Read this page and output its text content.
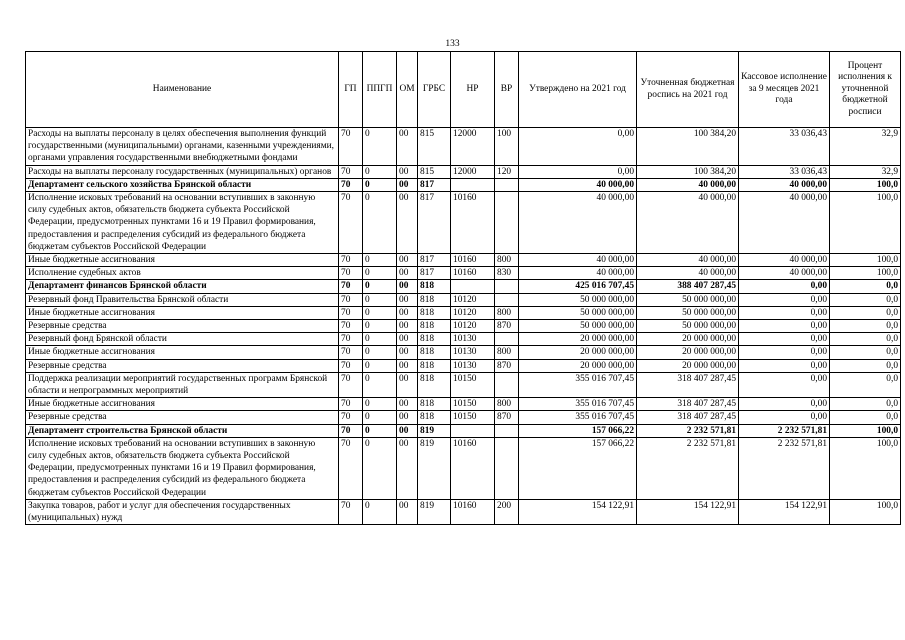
133
Наименование	ГП	ППГП	ОМ	ГРБС	НР	ВР	Утверждено на 2021 год	Уточненная бюджетная роспись на 2021 год	Кассовое исполнение за 9 месяцев 2021 года	Процент исполнения к уточненной бюджетной росписи
Расходы на выплаты персоналу в целях обеспечения выполнения функций государственными (муниципальными) органами, казенными учреждениями, органами управления государственными внебюджетными фондами	70	0	00	815	12000	100	0,00	100 384,20	33 036,43	32,9
Расходы на выплаты персоналу государственных (муниципальных) органов	70	0	00	815	12000	120	0,00	100 384,20	33 036,43	32,9
Департамент сельского хозяйства Брянской области	70	0	00	817			40 000,00	40 000,00	40 000,00	100,0
Исполнение исковых требований на основании вступивших в законную силу судебных актов, обязательств бюджета субъекта Российской Федерации, предусмотренных пунктами 16 и 19 Правил формирования, предоставления и распределения субсидий из федерального бюджета бюджетам субъектов Российской Федерации	70	0	00	817	10160		40 000,00	40 000,00	40 000,00	100,0
Иные бюджетные ассигнования	70	0	00	817	10160	800	40 000,00	40 000,00	40 000,00	100,0
Исполнение судебных актов	70	0	00	817	10160	830	40 000,00	40 000,00	40 000,00	100,0
Департамент финансов Брянской области	70	0	00	818			425 016 707,45	388 407 287,45	0,00	0,0
Резервный фонд Правительства Брянской области	70	0	00	818	10120		50 000 000,00	50 000 000,00	0,00	0,0
Иные бюджетные ассигнования	70	0	00	818	10120	800	50 000 000,00	50 000 000,00	0,00	0,0
Резервные средства	70	0	00	818	10120	870	50 000 000,00	50 000 000,00	0,00	0,0
Резервный фонд Брянской области	70	0	00	818	10130		20 000 000,00	20 000 000,00	0,00	0,0
Иные бюджетные ассигнования	70	0	00	818	10130	800	20 000 000,00	20 000 000,00	0,00	0,0
Резервные средства	70	0	00	818	10130	870	20 000 000,00	20 000 000,00	0,00	0,0
Поддержка реализации мероприятий государственных программ Брянской области и непрограммных мероприятий	70	0	00	818	10150		355 016 707,45	318 407 287,45	0,00	0,0
Иные бюджетные ассигнования	70	0	00	818	10150	800	355 016 707,45	318 407 287,45	0,00	0,0
Резервные средства	70	0	00	818	10150	870	355 016 707,45	318 407 287,45	0,00	0,0
Департамент строительства Брянской области	70	0	00	819			157 066,22	2 232 571,81	2 232 571,81	100,0
Исполнение исковых требований на основании вступивших в законную силу судебных актов, обязательств бюджета субъекта Российской Федерации, предусмотренных пунктами 16 и 19 Правил формирования, предоставления и распределения субсидий из федерального бюджета бюджетам субъектов Российской Федерации	70	0	00	819	10160		157 066,22	2 232 571,81	2 232 571,81	100,0
Закупка товаров, работ и услуг для обеспечения государственных (муниципальных) нужд	70	0	00	819	10160	200	154 122,91	154 122,91	154 122,91	100,0
